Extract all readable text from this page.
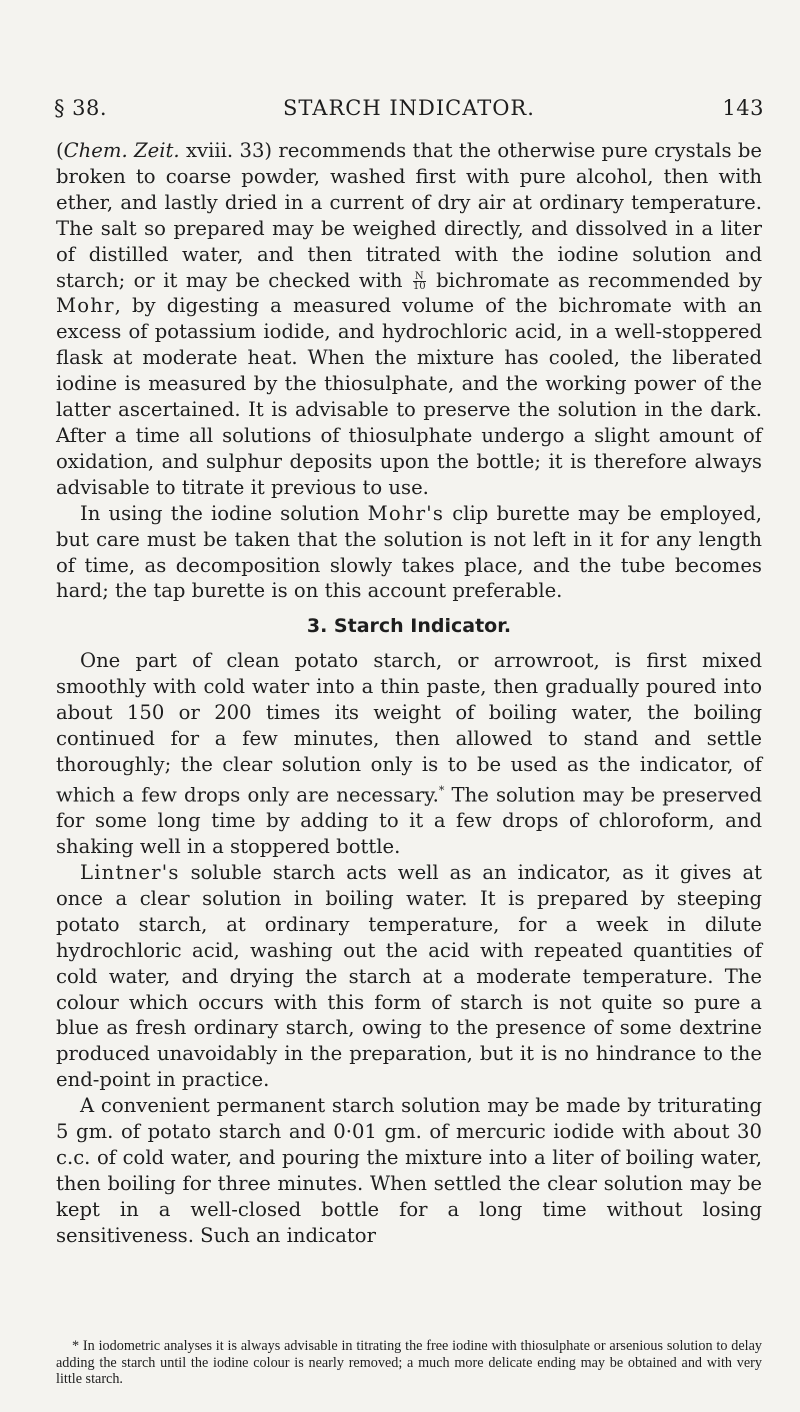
§ 38.	STARCH INDICATOR.	143

(Chem. Zeit. xviii. 33) recommends that the otherwise pure crystals be broken to coarse powder, washed first with pure alcohol, then with ether, and lastly dried in a current of dry air at ordinary temperature. The salt so prepared may be weighed directly, and dissolved in a liter of distilled water, and then titrated with the iodine solution and starch; or it may be checked with $\frac{N}{10}$ bichromate as recommended by Mohr, by digesting a measured volume of the bichromate with an excess of potassium iodide, and hydrochloric acid, in a well-stoppered flask at moderate heat. When the mixture has cooled, the liberated iodine is measured by the thiosulphate, and the working power of the latter ascertained. It is advisable to preserve the solution in the dark. After a time all solutions of thiosulphate undergo a slight amount of oxidation, and sulphur deposits upon the bottle; it is therefore always advisable to titrate it previous to use.

In using the iodine solution Mohr's clip burette may be employed, but care must be taken that the solution is not left in it for any length of time, as decomposition slowly takes place, and the tube becomes hard; the tap burette is on this account preferable.

3. Starch Indicator.

One part of clean potato starch, or arrowroot, is first mixed smoothly with cold water into a thin paste, then gradually poured into about 150 or 200 times its weight of boiling water, the boiling continued for a few minutes, then allowed to stand and settle thoroughly; the clear solution only is to be used as the indicator, of which a few drops only are necessary.* The solution may be preserved for some long time by adding to it a few drops of chloroform, and shaking well in a stoppered bottle.

Lintner's soluble starch acts well as an indicator, as it gives at once a clear solution in boiling water. It is prepared by steeping potato starch, at ordinary temperature, for a week in dilute hydrochloric acid, washing out the acid with repeated quantities of cold water, and drying the starch at a moderate temperature. The colour which occurs with this form of starch is not quite so pure a blue as fresh ordinary starch, owing to the presence of some dextrine produced unavoidably in the preparation, but it is no hindrance to the end-point in practice.

A convenient permanent starch solution may be made by triturating 5 gm. of potato starch and 0·01 gm. of mercuric iodide with about 30 c.c. of cold water, and pouring the mixture into a liter of boiling water, then boiling for three minutes. When settled the clear solution may be kept in a well-closed bottle for a long time without losing sensitiveness. Such an indicator

* In iodometric analyses it is always advisable in titrating the free iodine with thiosulphate or arsenious solution to delay adding the starch until the iodine colour is nearly removed; a much more delicate ending may be obtained and with very little starch.
